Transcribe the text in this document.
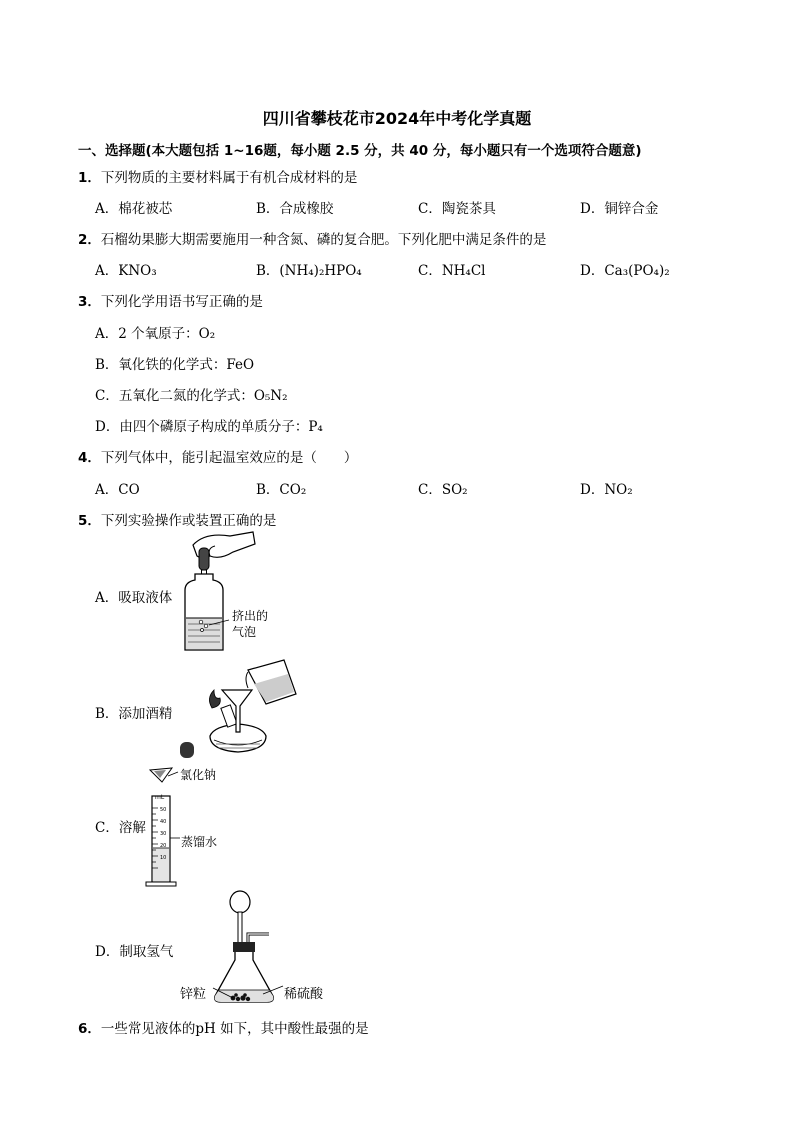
四川省攀枝花市2024年中考化学真题
一、选择题(本大题包括 1~16题，每小题 2.5 分，共 40 分，每小题只有一个选项符合题意)
1．下列物质的主要材料属于有机合成材料的是
A．棉花被芯	B．合成橡胶	C．陶瓷茶具	D．铜锌合金
2．石榴幼果膨大期需要施用一种含氮、磷的复合肥。下列化肥中满足条件的是
A．KNO₃	B．(NH₄)₂HPO₄	C．NH₄Cl	D．Ca₃(PO₄)₂
3．下列化学用语书写正确的是
A．2 个氧原子：O₂
B．氧化铁的化学式：FeO
C．五氧化二氮的化学式：O₅N₂
D．由四个磷原子构成的单质分子：P₄
4．下列气体中，能引起温室效应的是（　　）
A．CO	B．CO₂	C．SO₂	D．NO₂
5．下列实验操作或装置正确的是
A．吸取液体
挤出的
气泡
B．添加酒精
C．溶解
mL
50
40
30
20
10
氯化钠
蒸馏水
D．制取氢气
锌粒	稀硫酸
6．一些常见液体的pH 如下，其中酸性最强的是
